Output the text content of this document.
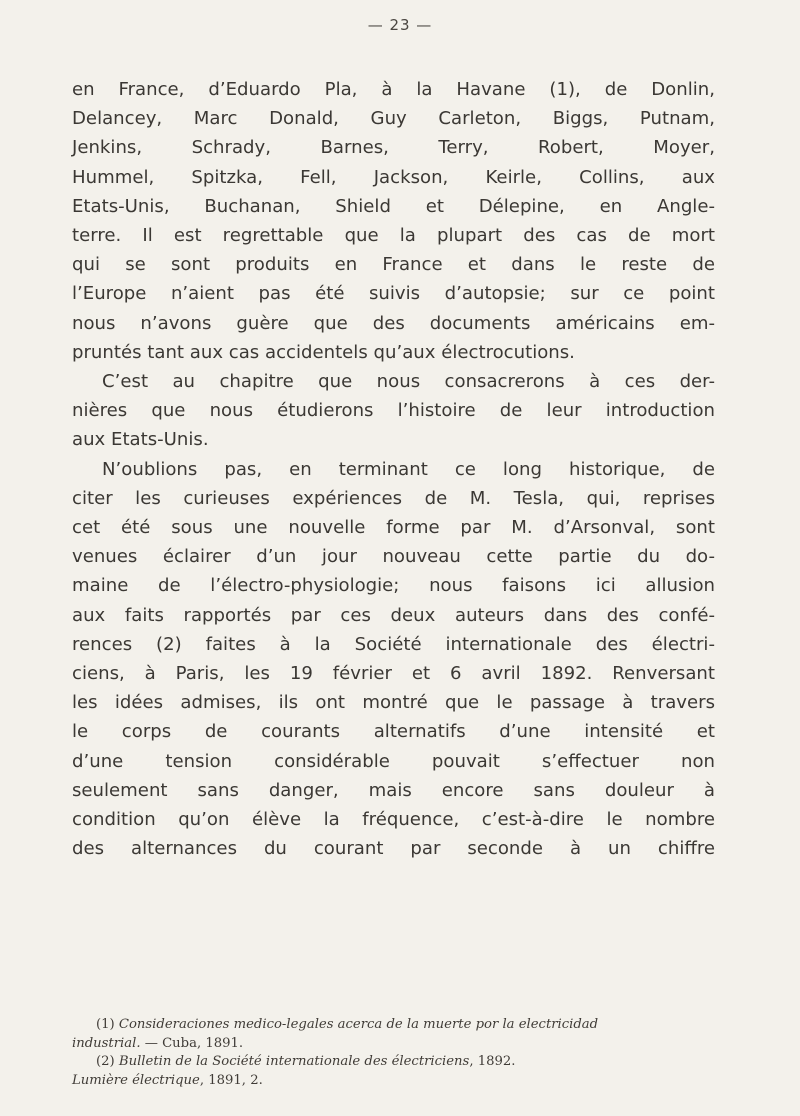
— 23 —

en France, d’Eduardo Pla, à la Havane (1), de Donlin,
Delancey, Marc Donald, Guy Carleton, Biggs, Putnam,
Jenkins, Schrady, Barnes, Terry, Robert, Moyer,
Hummel, Spitzka, Fell, Jackson, Keirle, Collins, aux
Etats-Unis, Buchanan, Shield et Délepine, en Angle-
terre. Il est regrettable que la plupart des cas de mort
qui se sont produits en France et dans le reste de
l’Europe n’aient pas été suivis d’autopsie; sur ce point
nous n’avons guère que des documents américains em-
pruntés tant aux cas accidentels qu’aux électrocutions.

C’est au chapitre que nous consacrerons à ces der-
nières que nous étudierons l’histoire de leur introduction
aux Etats-Unis.

N’oublions pas, en terminant ce long historique, de
citer les curieuses expériences de M. Tesla, qui, reprises
cet été sous une nouvelle forme par M. d’Arsonval, sont
venues éclairer d’un jour nouveau cette partie du do-
maine de l’électro-physiologie; nous faisons ici allusion
aux faits rapportés par ces deux auteurs dans des confé-
rences (2) faites à la Société internationale des électri-
ciens, à Paris, les 19 février et 6 avril 1892. Renversant
les idées admises, ils ont montré que le passage à travers
le corps de courants alternatifs d’une intensité et
d’une tension considérable pouvait s’effectuer non
seulement sans danger, mais encore sans douleur à
condition qu’on élève la fréquence, c’est-à-dire le nombre
des alternances du courant par seconde à un chiffre

(1) Consideraciones medico-legales acerca de la muerte por la electricidad
industrial. — Cuba, 1891.
(2) Bulletin de la Société internationale des électriciens, 1892.
Lumière électrique, 1891, 2.
